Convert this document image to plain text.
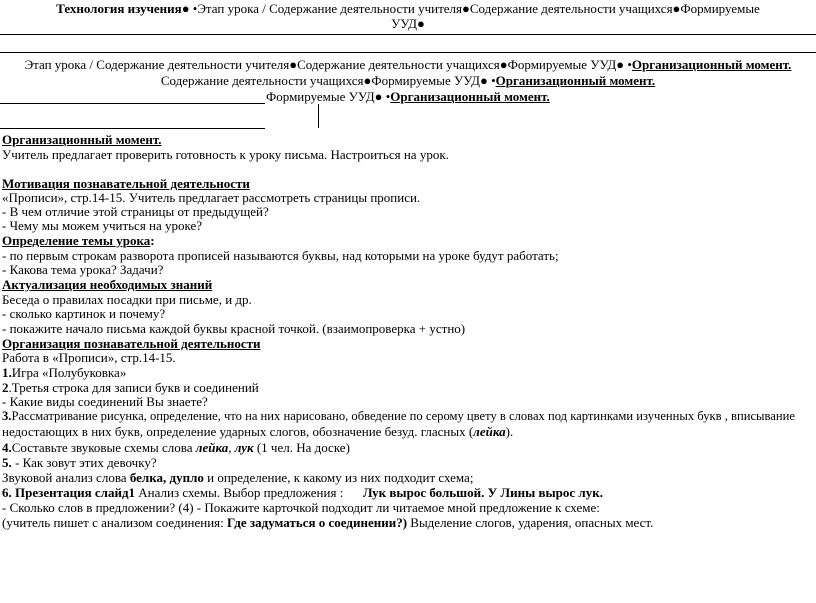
Технология изучения● •Этап урока / Содержание деятельности учителя●Содержание деятельности учащихся●Формируемые
УУД●
Этап урока / Содержание деятельности учителя●Содержание деятельности учащихся●Формируемые УУД● •Организационный момент.
Содержание деятельности учащихся●Формируемые УУД● •Организационный момент.
Формируемые УУД● •Организационный момент.
Организационный момент.
Учитель предлагает проверить готовность к уроку письма. Настроиться на урок.
Мотивация познавательной деятельности
«Прописи», стр.14-15. Учитель предлагает рассмотреть страницы прописи.
- В чем отличие этой страницы от предыдущей?
- Чему мы можем учиться на уроке?
Определение темы урока:
- по первым строкам разворота прописей называются буквы, над которыми на уроке будут работать;
- Какова тема урока? Задачи?
Актуализация необходимых знаний
Беседа о правилах посадки при письме, и др.
- сколько картинок и почему?
- покажите начало письма каждой буквы красной точкой. (взаимопроверка + устно)
Организация познавательной деятельности
Работа в «Прописи», стр.14-15.
1.Игра «Полубуковка»
2.Третья строка для записи букв и соединений
- Какие виды соединений Вы знаете?
3.Рассматривание рисунка, определение, что на них нарисовано, обведение по серому цвету в словах под картинками изученных букв , вписывание
недостающих в них букв, определение ударных слогов, обозначение безуд. гласных (лейка).
4.Составьте звуковые схемы слова лейка, лук (1 чел. На доске)
5. - Как зовут этих девочку?
Звуковой анализ слова белка, дупло и определение, к какому из них подходит схема;
6. Презентация слайд1 Анализ схемы. Выбор предложения :      Лук вырос большой. У Лины вырос лук.
- Сколько слов в предложении? (4) - Покажите карточкой подходит ли читаемое мной предложение к схеме:
(учитель пишет с анализом соединения: Где задуматься о соединении?) Выделение слогов, ударения, опасных мест.
